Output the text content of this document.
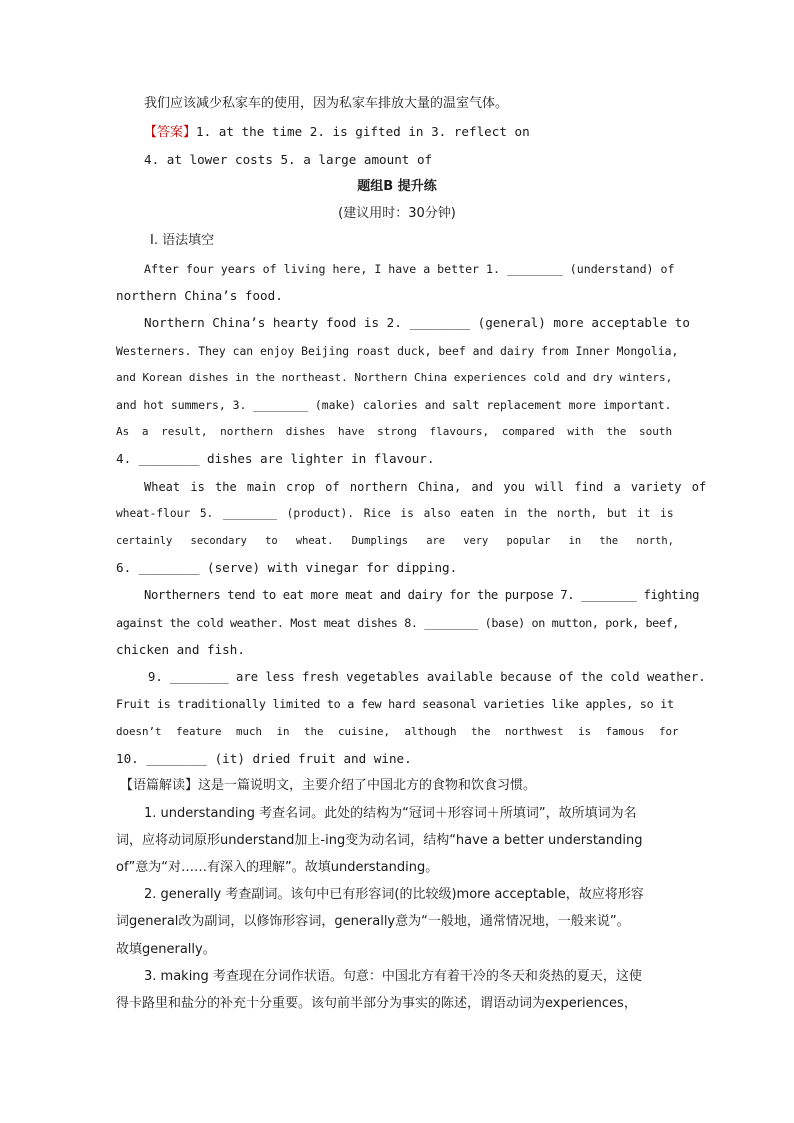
我们应该减少私家车的使用，因为私家车排放大量的温室气体。
【答案】1. at the time 2. is gifted in 3. reflect on
4. at lower costs 5. a large amount of
题组B 提升练
(建议用时：30分钟)
Ⅰ. 语法填空
After four years of living here, I have a better 1. ________ (understand) of
northern China’s food.
Northern China’s hearty food is 2. ________ (general) more acceptable to
Westerners. They can enjoy Beijing roast duck, beef and dairy from Inner Mongolia,
and Korean dishes in the northeast. Northern China experiences cold and dry winters,
and hot summers, 3. ________ (make) calories and salt replacement more important.
As a result, northern dishes have strong flavours, compared with the south
4. ________ dishes are lighter in flavour.
Wheat is the main crop of northern China, and you will find a variety of
wheat-flour 5. ________ (product). Rice is also eaten in the north, but it is
certainly secondary to wheat. Dumplings are very popular in the north,
6. ________ (serve) with vinegar for dipping.
Northerners tend to eat more meat and dairy for the purpose 7. ________ fighting
against the cold weather. Most meat dishes 8. ________ (base) on mutton, pork, beef,
chicken and fish.
9. ________ are less fresh vegetables available because of the cold weather.
Fruit is traditionally limited to a few hard seasonal varieties like apples, so it
doesn’t feature much in the cuisine, although the northwest is famous for
10. ________ (it) dried fruit and wine.
【语篇解读】这是一篇说明文，主要介绍了中国北方的食物和饮食习惯。
1. understanding 考查名词。此处的结构为“冠词＋形容词＋所填词”，故所填词为名
词，应将动词原形understand加上-ing变为动名词，结构“have a better understanding
of”意为“对……有深入的理解”。故填understanding。
2. generally 考查副词。该句中已有形容词(的比较级)more acceptable，故应将形容
词general改为副词，以修饰形容词，generally意为“一般地，通常情况地，一般来说”。
故填generally。
3. making 考查现在分词作状语。句意：中国北方有着干冷的冬天和炎热的夏天，这使
得卡路里和盐分的补充十分重要。该句前半部分为事实的陈述，谓语动词为experiences，
